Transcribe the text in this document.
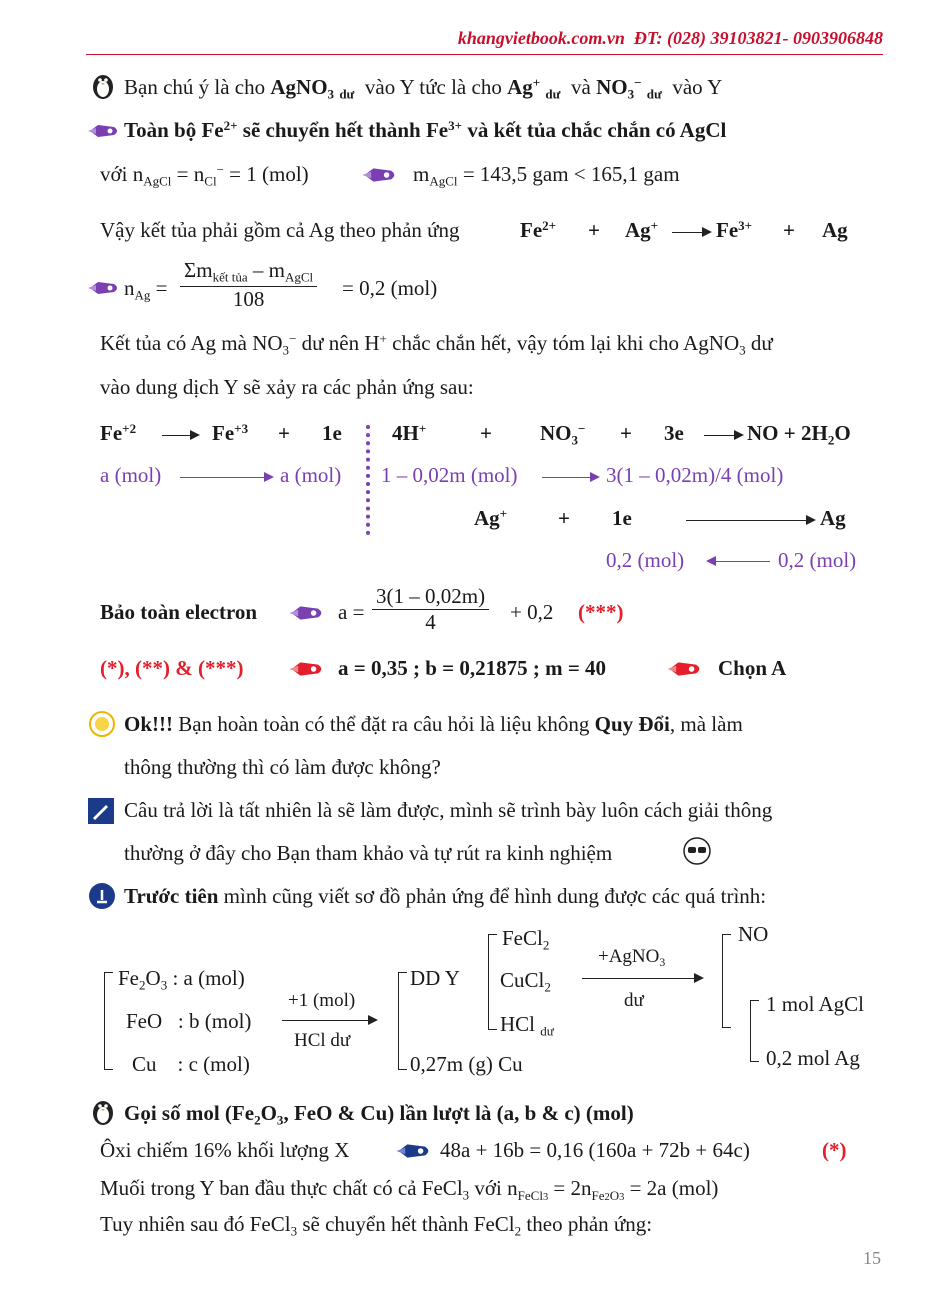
khangvietbook.com.vn ĐT: (028) 39103821- 0903906848
Bạn chú ý là cho AgNO$_3$ $_{dư}$ vào Y tức là cho Ag+ $_{dư}$ và $NO_3^-$ $_{dư}$ vào Y
Toàn bộ $Fe^{2+}$ sẽ chuyển hết thành $Fe^{3+}$ và kết tủa chắc chắn có AgCl
với $n_{AgCl} = n_{Cl}^- = 1$ (mol)	$m_{AgCl} = 143,5$ gam < 165,1 gam
Vậy kết tủa phải gồm cả Ag theo phản ứng	$Fe^{2+} + Ag^+$	$Fe^{3+} + Ag$
$n_{Ag}$ =
$\Sigma m_{kết tủa} - m_{AgCl}$
108	= 0,2 (mol)
Kết tủa có Ag mà $NO_3^-$ dư nên H+ chắc chắn hết, vậy tóm lại khi cho AgNO$_3$ dư
vào dung dịch Y sẽ xảy ra các phản ứng sau:
$Fe^{+2}$	$Fe^{+3} + 1e$ 4H+	+ $NO_3^- + 3e$	NO + $2H_2O$
a (mol)	a (mol) 1 – 0,02m (mol)	3(1 – 0,02m)/4 (mol)
Ag+ + 1e	Ag
0,2 (mol)	0,2 (mol)
Bảo toàn electron	$a = \frac{3(1 - 0,02m)}{4} + 0,2$ (***)
(*), (**) & (***)	a = 0,35 ; b = 0,21875 ; m = 40	Chọn A
Ok!!! Bạn hoàn toàn có thể đặt ra câu hỏi là liệu không Quy Đổi, mà làm
thông thường thì có làm được không?
Câu trả lời là tất nhiên là sẽ làm được, mình sẽ trình bày luôn cách giải thông
thường ở đây cho Bạn tham khảo và tự rút ra kinh nghiệm
Trước tiên mình cũng viết sơ đồ phản ứng để hình dung được các quá trình:
$Fe_2O_3$ : a (mol)
FeO   : b (mol)
Cu    : c (mol)
+1 (mol)
HCl dư
DD Y
0,27m (g) Cu
FeCl$_2$
CuCl$_2$
HCl $_{dư}$
+AgNO$_3$
dư
NO
1 mol AgCl
0,2 mol Ag
Gọi số mol ($Fe_2O_3$, FeO & Cu) lần lượt là (a, b & c) (mol)
Ôxi chiếm 16% khối lượng X	48a + 16b = 0,16 (160a + 72b + 64c)	(*)
Muối trong Y ban đầu thực chất có cả FeCl$_3$ với $n_{FeCl3} = 2n_{Fe2O3} = 2a$ (mol)
Tuy nhiên sau đó FeCl$_3$ sẽ chuyển hết thành FeCl$_2$ theo phản ứng:
15
